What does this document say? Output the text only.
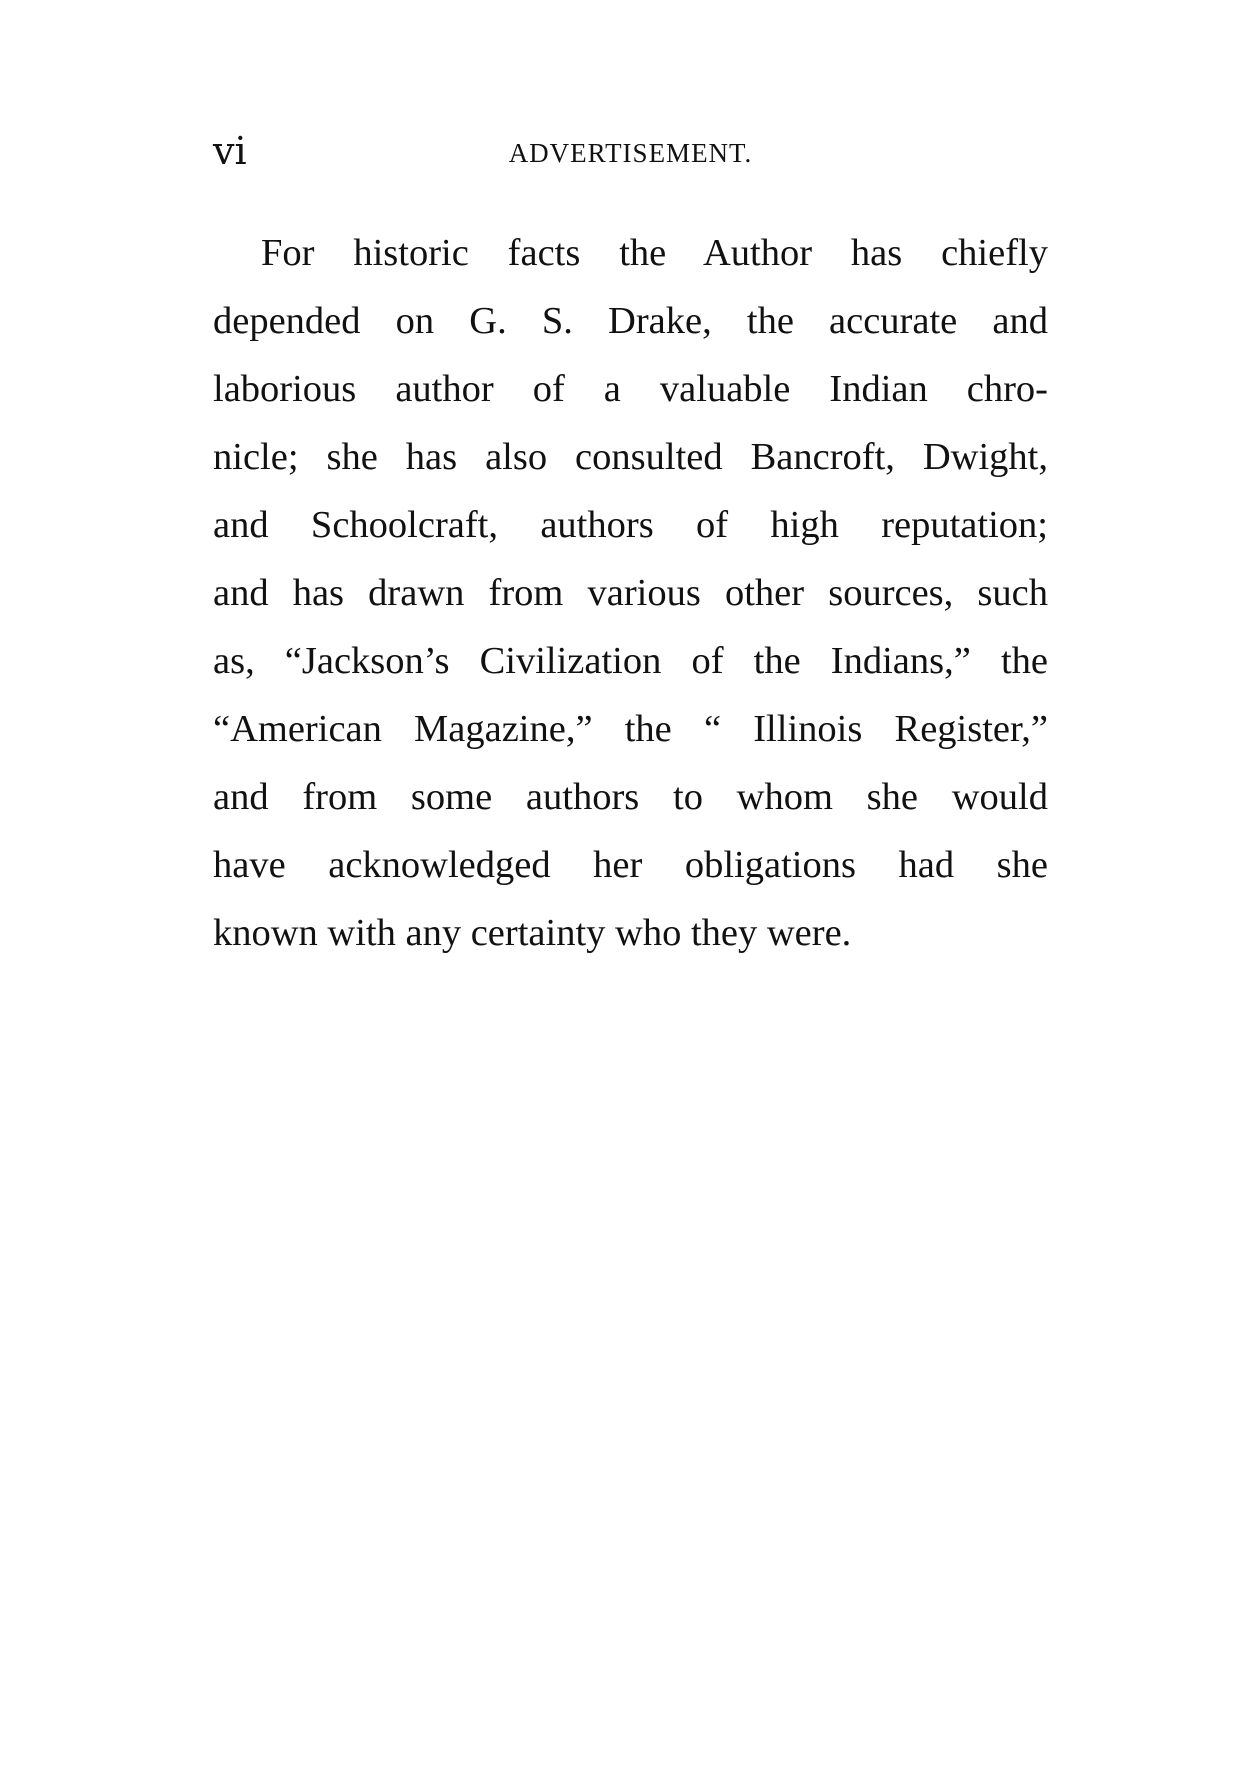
vi	ADVERTISEMENT.
For historic facts the Author has chiefly
depended on G. S. Drake, the accurate and
laborious author of a valuable Indian chro-
nicle; she has also consulted Bancroft, Dwight,
and Schoolcraft, authors of high reputation;
and has drawn from various other sources, such
as, “Jackson’s Civilization of the Indians,” the
“American Magazine,” the “ Illinois Register,”
and from some authors to whom she would
have acknowledged her obligations had she
known with any certainty who they were.
